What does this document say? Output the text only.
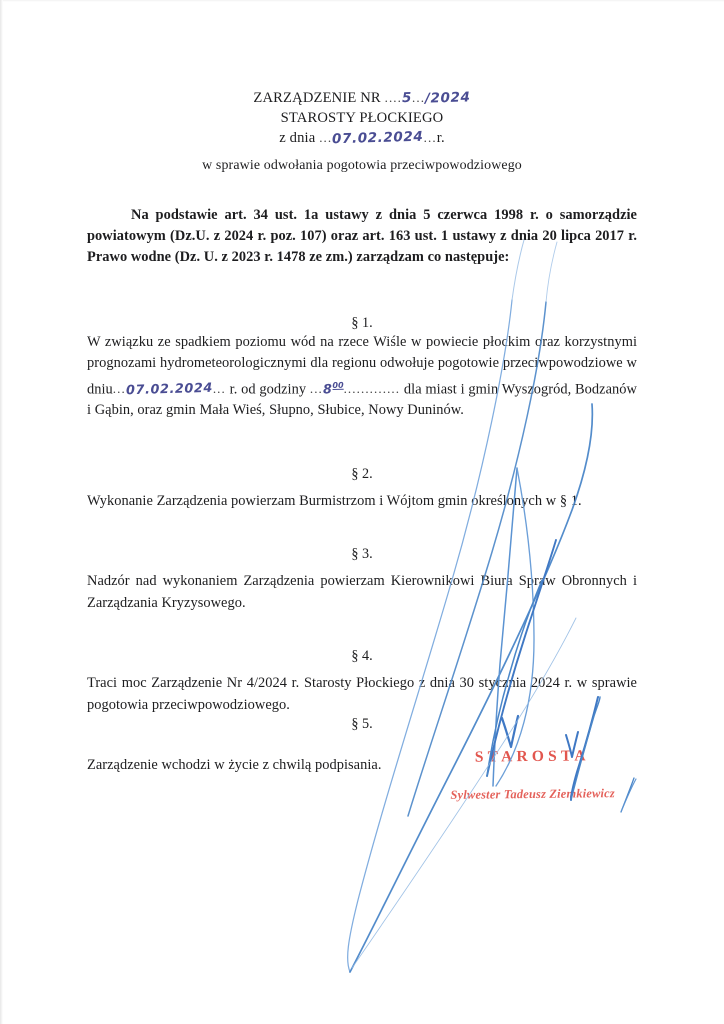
ZARZĄDZENIE NR ....5.../2024
STAROSTY PŁOCKIEGO
z dnia ...07.02.2024...r.
w sprawie odwołania pogotowia przeciwpowodziowego

Na podstawie art. 34 ust. 1a ustawy z dnia 5 czerwca 1998 r. o samorządzie powiatowym (Dz.U. z 2024 r. poz. 107) oraz art. 163 ust. 1 ustawy z dnia 20 lipca 2017 r. Prawo wodne (Dz. U. z 2023 r. 1478 ze zm.) zarządzam co następuje:

§ 1.

W związku ze spadkiem poziomu wód na rzece Wiśle w powiecie płockim oraz korzystnymi prognozami hydrometeorologicznymi dla regionu odwołuje pogotowie przeciwpowodziowe w dniu...07.02.2024... r. od godziny ...8$^{00}$............. dla miast i gmin Wyszogród, Bodzanów i Gąbin, oraz gmin Mała Wieś, Słupno, Słubice, Nowy Duninów.

§ 2.

Wykonanie Zarządzenia powierzam Burmistrzom i Wójtom gmin określonych w § 1.

§ 3.

Nadzór nad wykonaniem Zarządzenia powierzam Kierownikowi Biura Spraw Obronnych i Zarządzania Kryzysowego.

§ 4.

Traci moc Zarządzenie Nr 4/2024 r. Starosty Płockiego z dnia 30 stycznia 2024 r. w sprawie pogotowia przeciwpowodziowego.

§ 5.

Zarządzenie wchodzi w życie z chwilą podpisania.	STAROSTA
Sylwester Tadeusz Ziemkiewicz
